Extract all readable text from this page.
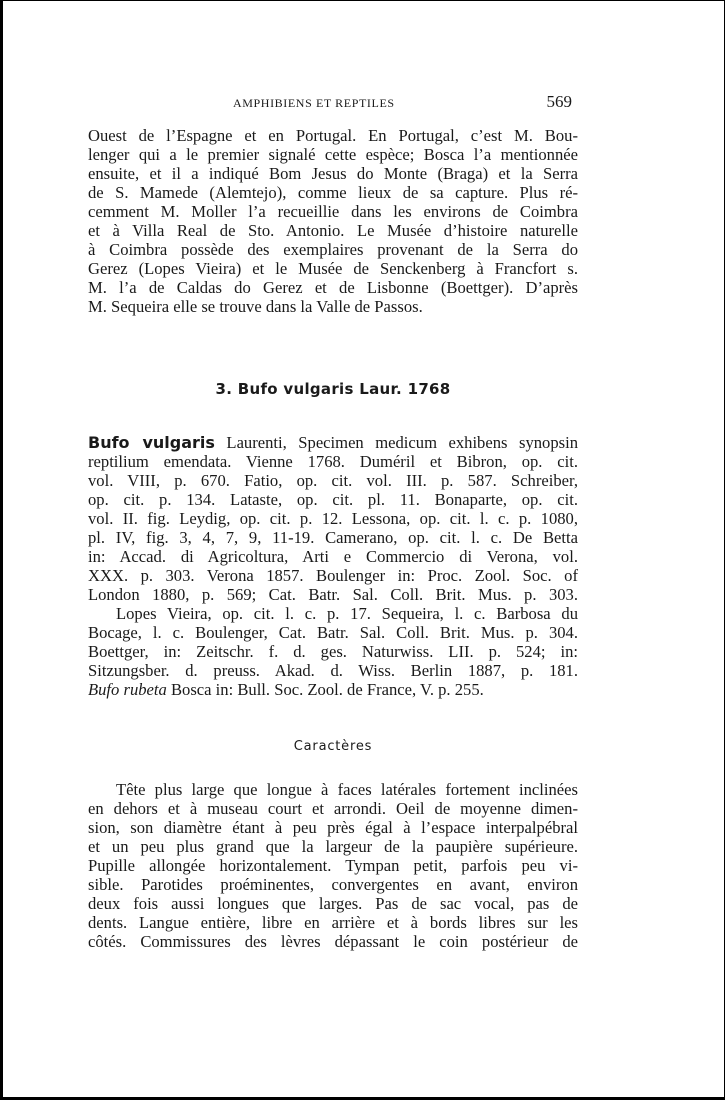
AMPHIBIENS ET REPTILES	569

Ouest de l’Espagne et en Portugal. En Portugal, c’est M. Bou-

lenger qui a le premier signalé cette espèce; Bosca l’a mentionnée

ensuite, et il a indiqué Bom Jesus do Monte (Braga) et la Serra

de S. Mamede (Alemtejo), comme lieux de sa capture. Plus ré-

cemment M. Moller l’a recueillie dans les environs de Coimbra

et à Villa Real de Sto. Antonio. Le Musée d’histoire naturelle

à Coimbra possède des exemplaires provenant de la Serra do

Gerez (Lopes Vieira) et le Musée de Senckenberg à Francfort s.

M. l’a de Caldas do Gerez et de Lisbonne (Boettger). D’après

M. Sequeira elle se trouve dans la Valle de Passos.

3. Bufo vulgaris Laur. 1768

Bufo vulgaris Laurenti, Specimen medicum exhibens synopsin

reptilium emendata. Vienne 1768. Duméril et Bibron, op. cit.

vol. VIII, p. 670. Fatio, op. cit. vol. III. p. 587. Schreiber,

op. cit. p. 134. Lataste, op. cit. pl. 11. Bonaparte, op. cit.

vol. II. fig. Leydig, op. cit. p. 12. Lessona, op. cit. l. c. p. 1080,

pl. IV, fig. 3, 4, 7, 9, 11-19. Camerano, op. cit. l. c. De Betta

in: Accad. di Agricoltura, Arti e Commercio di Verona, vol.

XXX. p. 303. Verona 1857. Boulenger in: Proc. Zool. Soc. of

London 1880, p. 569; Cat. Batr. Sal. Coll. Brit. Mus. p. 303.

Lopes Vieira, op. cit. l. c. p. 17. Sequeira, l. c. Barbosa du

Bocage, l. c. Boulenger, Cat. Batr. Sal. Coll. Brit. Mus. p. 304.

Boettger, in: Zeitschr. f. d. ges. Naturwiss. LII. p. 524; in:

Sitzungsber. d. preuss. Akad. d. Wiss. Berlin 1887, p. 181.

Bufo rubeta Bosca in: Bull. Soc. Zool. de France, V. p. 255.

Caractères

Tête plus large que longue à faces latérales fortement inclinées

en dehors et à museau court et arrondi. Oeil de moyenne dimen-

sion, son diamètre étant à peu près égal à l’espace interpalpébral

et un peu plus grand que la largeur de la paupière supérieure.

Pupille allongée horizontalement. Tympan petit, parfois peu vi-

sible. Parotides proéminentes, convergentes en avant, environ

deux fois aussi longues que larges. Pas de sac vocal, pas de

dents. Langue entière, libre en arrière et à bords libres sur les

côtés. Commissures des lèvres dépassant le coin postérieur de
